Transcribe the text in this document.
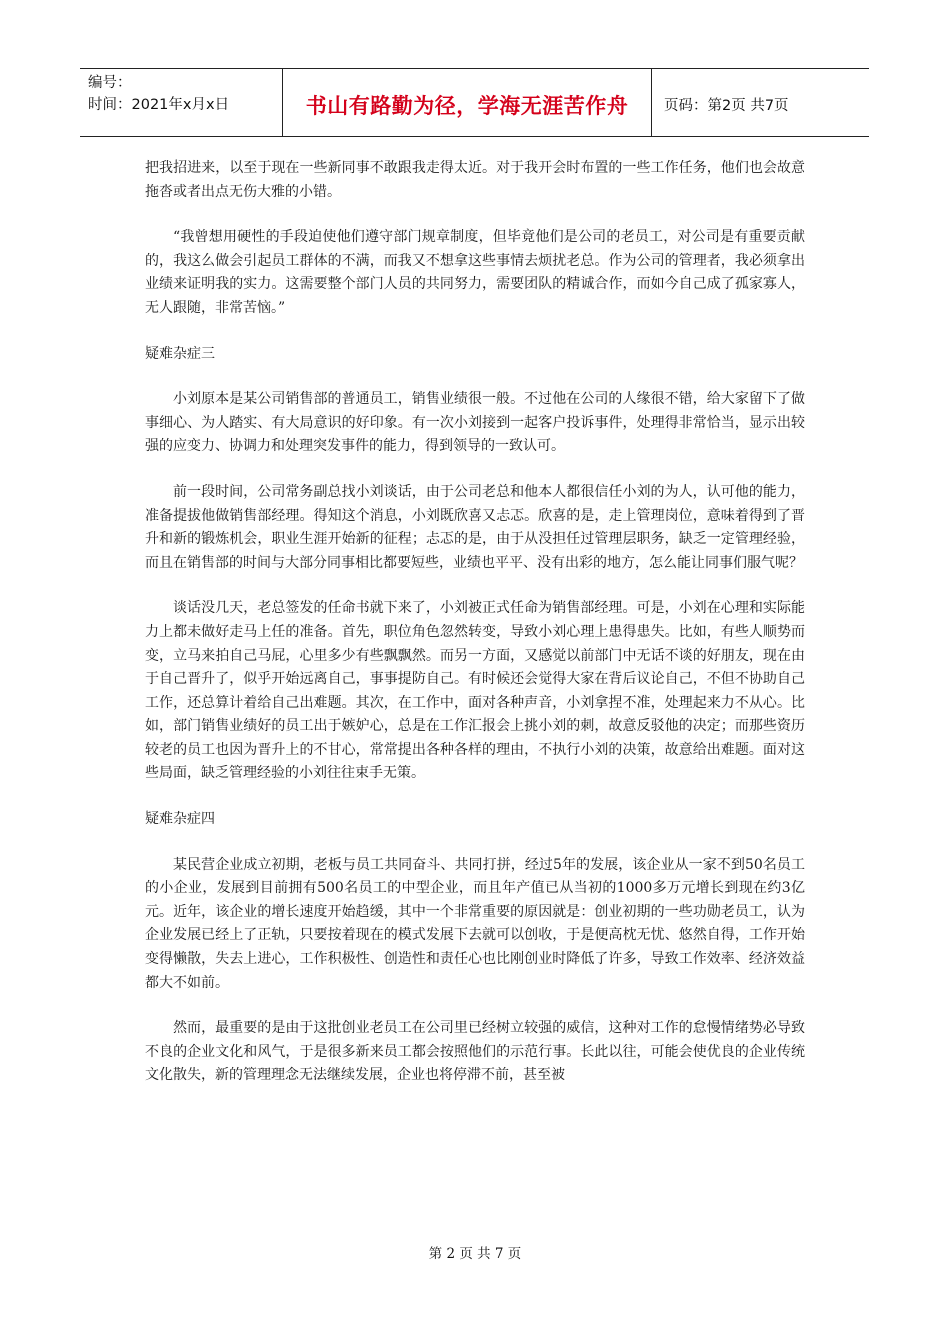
编号：
时间：2021年x月x日	书山有路勤为径，学海无涯苦作舟	页码：第2页 共7页

把我招进来，以至于现在一些新同事不敢跟我走得太近。对于我开会时布置的一些工作任务，他们也会故意拖沓或者出点无伤大雅的小错。

“我曾想用硬性的手段迫使他们遵守部门规章制度，但毕竟他们是公司的老员工，对公司是有重要贡献的，我这么做会引起员工群体的不满，而我又不想拿这些事情去烦扰老总。作为公司的管理者，我必须拿出业绩来证明我的实力。这需要整个部门人员的共同努力，需要团队的精诚合作，而如今自己成了孤家寡人，无人跟随，非常苦恼。”

疑难杂症三

小刘原本是某公司销售部的普通员工，销售业绩很一般。不过他在公司的人缘很不错，给大家留下了做事细心、为人踏实、有大局意识的好印象。有一次小刘接到一起客户投诉事件，处理得非常恰当，显示出较强的应变力、协调力和处理突发事件的能力，得到领导的一致认可。

前一段时间，公司常务副总找小刘谈话，由于公司老总和他本人都很信任小刘的为人，认可他的能力，准备提拔他做销售部经理。得知这个消息，小刘既欣喜又忐忑。欣喜的是，走上管理岗位，意味着得到了晋升和新的锻炼机会，职业生涯开始新的征程；忐忑的是，由于从没担任过管理层职务，缺乏一定管理经验，而且在销售部的时间与大部分同事相比都要短些，业绩也平平、没有出彩的地方，怎么能让同事们服气呢？

谈话没几天，老总签发的任命书就下来了，小刘被正式任命为销售部经理。可是，小刘在心理和实际能力上都未做好走马上任的准备。首先，职位角色忽然转变，导致小刘心理上患得患失。比如，有些人顺势而变，立马来拍自己马屁，心里多少有些飘飘然。而另一方面，又感觉以前部门中无话不谈的好朋友，现在由于自己晋升了，似乎开始远离自己，事事提防自己。有时候还会觉得大家在背后议论自己，不但不协助自己工作，还总算计着给自己出难题。其次，在工作中，面对各种声音，小刘拿捏不准，处理起来力不从心。比如，部门销售业绩好的员工出于嫉妒心，总是在工作汇报会上挑小刘的刺，故意反驳他的决定；而那些资历较老的员工也因为晋升上的不甘心，常常提出各种各样的理由，不执行小刘的决策，故意给出难题。面对这些局面，缺乏管理经验的小刘往往束手无策。

疑难杂症四

某民营企业成立初期，老板与员工共同奋斗、共同打拼，经过5年的发展，该企业从一家不到50名员工的小企业，发展到目前拥有500名员工的中型企业，而且年产值已从当初的1000多万元增长到现在约3亿元。近年，该企业的增长速度开始趋缓，其中一个非常重要的原因就是：创业初期的一些功勋老员工，认为企业发展已经上了正轨，只要按着现在的模式发展下去就可以创收，于是便高枕无忧、悠然自得，工作开始变得懒散，失去上进心，工作积极性、创造性和责任心也比刚创业时降低了许多，导致工作效率、经济效益都大不如前。

然而，最重要的是由于这批创业老员工在公司里已经树立较强的威信，这种对工作的怠慢情绪势必导致不良的企业文化和风气，于是很多新来员工都会按照他们的示范行事。长此以往，可能会使优良的企业传统文化散失，新的管理理念无法继续发展，企业也将停滞不前，甚至被

第 2 页 共 7 页
